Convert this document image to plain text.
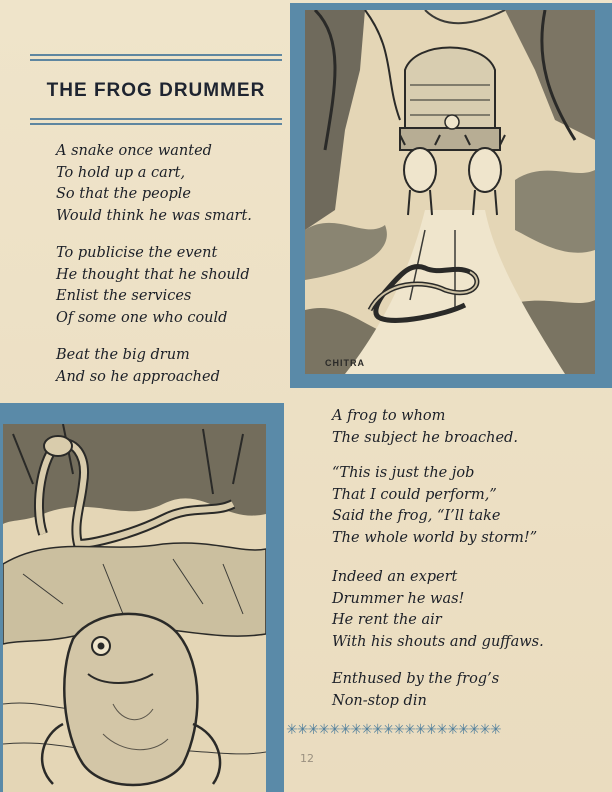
THE FROG DRUMMER
A snake once wanted
To hold up a cart,
So that the people
Would think he was smart.
To publicise the event
He thought that he should
Enlist the services
Of some one who could
Beat the big drum
And so he approached
CHITRA
A frog to whom
The subject he broached.
“This is just the job
That I could perform,”
Said the frog, “I’ll take
The whole world by storm!”
Indeed an expert
Drummer he was!
He rent the air
With his shouts and guffaws.
Enthused by the frog’s
Non-stop din
✳✳✳✳✳✳✳✳✳✳✳✳✳✳✳✳✳✳✳✳
12
